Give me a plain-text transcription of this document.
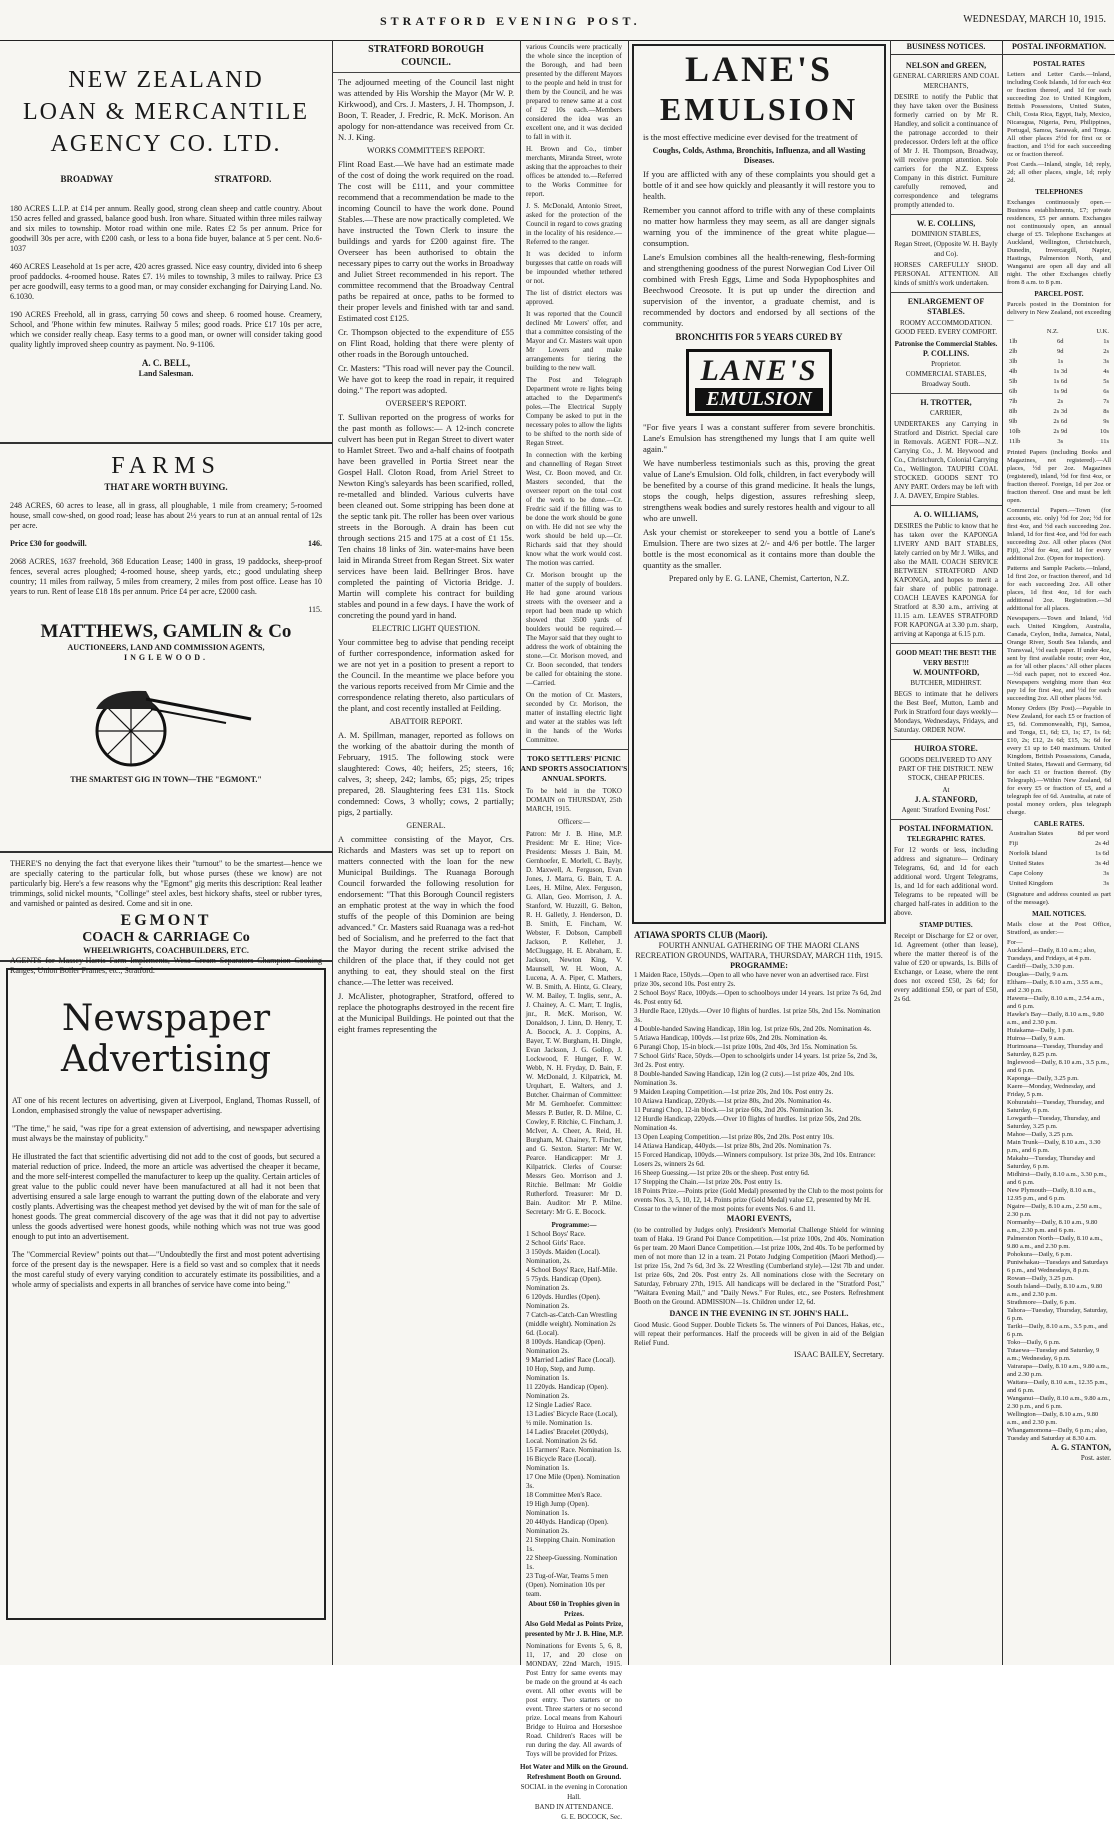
STRATFORD EVENING POST.	WEDNESDAY, MARCH 10, 1915.
NEW ZEALAND
LOAN & MERCANTILE
AGENCY CO. LTD.
BROADWAY	STRATFORD.

180 ACRES L.I.P. at £14 per annum. Really good, strong clean sheep and cattle country. About 150 acres felled and grassed, balance good bush. Iron whare. Situated within three miles railway and six miles to township. Motor road within one mile. Rates £2 5s per annum. Price for goodwill 30s per acre, with £200 cash, or less to a bona fide buyer, balance at 5 per cent. No.6-1037

460 ACRES Leasehold at 1s per acre, 420 acres grassed. Nice easy country, divided into 6 sheep proof paddocks. 4-roomed house. Rates £7. 1½ miles to township, 3 miles to railway. Price £3 per acre goodwill, easy terms to a good man, or may consider exchanging for Dairying Land. No. 6.1030.

190 ACRES Freehold, all in grass, carrying 50 cows and sheep. 6 roomed house. Creamery, School, and 'Phone within few minutes. Railway 5 miles; good roads. Price £17 10s per acre, which we consider really cheap. Easy terms to a good man, or owner will consider taking good quality lightly improved sheep country as payment. No. 9-1106.

A. C. BELL,
Land Salesman.
FARMS
THAT ARE WORTH BUYING.

248 ACRES, 60 acres to lease, all in grass, all ploughable, 1 mile from creamery; 5-roomed house, small cow-shed, on good road; lease has about 2½ years to run at an annual rental of 12s per acre.

Price £30 for goodwill.	146.

2068 ACRES, 1637 freehold, 368 Education Lease; 1400 in grass, 19 paddocks, sheep-proof fences, several acres ploughed; 4-roomed house, sheep yards, etc.; good undulating sheep country; 11 miles from railway, 5 miles from creamery, 2 miles from post office. Lease has 10 years to run. Rent of lease £18 18s per annum. Price £4 per acre, £2000 cash.

115.
MATTHEWS, GAMLIN & Co
AUCTIONEERS, LAND AND COMMISSION AGENTS,
INGLEWOOD.
THE SMARTEST GIG IN TOWN—THE "EGMONT."

THERE'S no denying the fact that everyone likes their "turnout" to be the smartest—hence we are specially catering to the particular folk, but whose purses (these we know) are not particularly big. Here's a few reasons why the "Egmont" gig merits this description: Real leather trimmings, solid nickel mounts, "Collinge" steel axles, best hickory shafts, steel or rubber tyres, and varnished or painted as desired. Come and sit in one.

EGMONT
COACH & CARRIAGE Co
WHEELWRIGHTS, COACHBUILDERS, ETC.
AGENTS for Massey-Harris Farm Implements, Wesa Cream Separators Champion Cooking Ranges, Union Boiler Frames, etc., Stratford.
Newspaper
Advertising

AT one of his recent lectures on advertising, given at Liverpool, England, Thomas Russell, of London, emphasised strongly the value of newspaper advertising.

"The time," he said, "was ripe for a great extension of advertising, and newspaper advertising must always be the mainstay of publicity."

He illustrated the fact that scientific advertising did not add to the cost of goods, but secured a material reduction of price. Indeed, the more an article was advertised the cheaper it became, and the more self-interest compelled the manufacturer to keep up the quality. Certain articles of great value to the public could never have been manufactured at all had it not been that advertising ensured a sale large enough to warrant the putting down of the elaborate and very costly plants. Advertising was the cheapest method yet devised by the wit of man for the sale of honest goods. The great commercial discovery of the age was that it did not pay to advertise unless the goods advertised were honest goods, while nothing which was not true was good enough to put into an advertisement.

The "Commercial Review" points out that—"Undoubtedly the first and most potent advertising force of the present day is the newspaper. Here is a field so vast and so complex that it needs the most careful study of every varying condition to accurately estimate its possibilities, and a whole army of specialists and experts in all branches of service have come into being."

STRATFORD BOROUGH
COUNCIL.

The adjourned meeting of the Council last night was attended by His Worship the Mayor (Mr W. P. Kirkwood), and Crs. J. Masters, J. H. Thompson, J. Boon, T. Reader, J. Fredric, R. McK. Morison. An apology for non-attendance was received from Cr. N. J. King.

WORKS COMMITTEE'S REPORT.

Flint Road East.—We have had an estimate made of the cost of doing the work required on the road. The cost will be £111, and your committee recommend that a recommendation be made to the incoming Council to have the work done. Pound Stables.—These are now practically completed. We have instructed the Town Clerk to insure the buildings and yards for £200 against fire. The Overseer has been authorised to obtain the necessary pipes to carry out the works in Broadway and Juliet Street recommended in his report. The committee recommend that the Broadway Central paths be repaired at once, paths to be formed to their proper levels and finished with tar and sand. Estimated cost £125.

Cr. Thompson objected to the expenditure of £55 on Flint Road, holding that there were plenty of other roads in the Borough untouched.

Cr. Masters: "This road will never pay the Council. We have got to keep the road in repair, it required doing." The report was adopted.

OVERSEER'S REPORT.

T. Sullivan reported on the progress of works for the past month as follows:— A 12-inch concrete culvert has been put in Regan Street to divert water to Hamlet Street. Two and a-half chains of footpath have been gravelled in Portia Street near the Gospel Hall. Cloton Road, from Ariel Street to Newton King's saleyards has been scarified, rolled, re-metalled and blinded. Various culverts have been cleaned out. Some stripping has been done at the septic tank pit. The roller has been over various streets in the Borough. A drain has been cut through sections 215 and 175 at a cost of £1 15s. Ten chains 18 links of 3in. water-mains have been laid in Miranda Street from Regan Street. Six water services have been laid. Bellringer Bros. have completed the painting of Victoria Bridge. J. Martin will complete his contract for building stables and pound in a few days. I have the work of concreting the pound yard in hand.

ELECTRIC LIGHT QUESTION.

Your committee beg to advise that pending receipt of further correspondence, information asked for we are not yet in a position to present a report to the Council. In the meantime we place before you the various reports received from Mr Cimie and the correspondence relating thereto, also particulars of the plant, and cost recently installed at Feilding.

ABATTOIR REPORT.

A. M. Spillman, manager, reported as follows on the working of the abattoir during the month of February, 1915. The following stock were slaughtered: Cows, 40; heifers, 25; steers, 16; calves, 3; sheep, 242; lambs, 65; pigs, 25; tripes prepared, 28. Slaughtering fees £31 11s. Stock condemned: Cows, 3 wholly; cows, 2 partially; pigs, 2 partially.

GENERAL.

A committee consisting of the Mayor, Crs. Richards and Masters was set up to report on matters connected with the loan for the new Municipal Buildings. The Ruanaga Borough Council forwarded the following resolution for endorsement: "That this Borough Council registers an emphatic protest at the way in which the food stuffs of the people of this Dominion are being advanced." Cr. Masters said Ruanaga was a red-hot bed of Socialism, and he preferred to the fact that the Mayor during the recent strike advised the children of the place that, if they could not get anything to eat, they should steal on the first chance.—The letter was received.

J. McAlister, photographer, Stratford, offered to replace the photographs destroyed in the recent fire at the Municipal Buildings. He pointed out that the eight frames representing the

various Councils were practically the whole since the inception of the Borough, and had been presented by the different Mayors to the people and held in trust for them by the Council, and he was prepared to renew same at a cost of £2 10s each.—Members considered the idea was an excellent one, and it was decided to fall in with it.

H. Brown and Co., timber merchants, Miranda Street, wrote asking that the approaches to their offices be attended to.—Referred to the Works Committee for report.

J. S. McDonald, Antonio Street, asked for the protection of the Council in regard to cows grazing in the locality of his residence.—Referred to the ranger.

It was decided to inform burgesses that cattle on roads will be impounded whether tethered or not.

The list of district electors was approved.

It was reported that the Council declined Mr Lowers' offer, and that a committee consisting of the Mayor and Cr. Masters wait upon Mr Lowers and make arrangements for tiering the building to the new wall.

The Post and Telegraph Department wrote re lights being attached to the Department's poles.—The Electrical Supply Company be asked to put in the necessary poles to allow the lights to be shifted to the north side of Regan Street.

In connection with the kerbing and channelling of Regan Street West, Cr. Boon moved, and Cr. Masters seconded, that the overseer report on the total cost of the work to be done.—Cr. Fredric said if the filling was to be done the work should be gone on with. He did not see why the work should be held up.—Cr. Richards said that they should know what the work would cost. The motion was carried.

Cr. Morison brought up the matter of the supply of boulders. He had gone around various streets with the overseer and a report had been made up which showed that 3500 yards of boulders would be required.—The Mayor said that they ought to address the work of obtaining the stone.—Cr. Morison moved, and Cr. Boon seconded, that tenders be called for obtaining the stone.—Carried.

On the motion of Cr. Masters, seconded by Cr. Morison, the matter of installing electric light and water at the stables was left in the hands of the Works Committee.

TOKO SETTLERS' PICNIC AND SPORTS ASSOCIATION'S ANNUAL SPORTS.

To be held in the TOKO DOMAIN on THURSDAY, 25th MARCH, 1915.

Officers:—

Patron: Mr J. B. Hine, M.P. President: Mr E. Hine; Vice-Presidents: Messrs J. Bain, M. Gernhoefer, E. Morlell, C. Bayly, D. Maxwell, A. Ferguson, Evan Jones, J. Marra, G. Bain, T. A. Lees, H. Milne, Alex. Ferguson, G. Allan, Geo. Morrison, J. A. Stanford, W. Huzzill, G. Belton, R. H. Galletly, J. Henderson, D. B. Smith, E. Fincham, W. Webster, F. Dobson, Campbell Jackson, P. Kelleher, J. McCluggage, H. E. Abraham, E. Jackson, Newton King, V. Maunsell, W. H. Woon, A. Lucena, A. A. Piper, C. Mathers, W. B. Smith, A. Hintz, G. Cleary, W. M. Bailey, T. Inglis, senr., A. J. Chainey, A. C. Marr, T. Inglis, jnr., R. McK. Morison, W. Donaldson, J. Linn, D. Henry, T. A. Bocock, A. J. Coppins, A. Bayer, T. W. Burgham, H. Dingle, Evan Jackson, J. G. Gollop, J. Lockwood, F. Hunger, F. W. Webb, N. H. Fryday, D. Bain, F. W. McDonald, J. Kilpatrick, M. Urquhart, E. Walters, and J. Butcher. Chairman of Committee: Mr M. Gernhoefer. Committee: Messrs P. Butler, R. D. Milne, C. Cowley, F. Ritchie, C. Fincham, J. McIver, A. Cheer, A. Reid, H. Burgham, M. Chainey, T. Fincher, and G. Sexton. Starter: Mr W. Pearce. Handicapper: Mr J. Kilpatrick. Clerks of Course: Messrs Geo. Morrison and J. Ritchie. Bellman: Mr Goldie Rutherford. Treasurer: Mr D. Bain. Auditor: Mr P. Milne. Secretary: Mr G. E. Bocock.

Programme:—
1 School Boys' Race.
2 School Girls' Race.
3 150yds. Maiden (Local). Nomination, 2s.
4 School Boys' Race, Half-Mile.
5 75yds. Handicap (Open). Nomination 2s.
6 120yds. Hurdles (Open). Nomination 2s.
7 Catch-as-Catch-Can Wrestling (middle weight). Nomination 2s 6d. (Local).
8 100yds. Handicap (Open). Nomination 2s.
9 Married Ladies' Race (Local).
10 Hop, Step, and Jump. Nomination 1s.
11 220yds. Handicap (Open). Nomination 2s.
12 Single Ladies' Race.
13 Ladies' Bicycle Race (Local), ½ mile. Nomination 1s.
14 Ladies' Bracelet (200yds), Local. Nomination 2s 6d.
15 Farmers' Race. Nomination 1s.
16 Bicycle Race (Local). Nomination 1s.
17 One Mile (Open). Nomination 3s.
18 Committee Men's Race.
19 High Jump (Open). Nomination 1s.
20 440yds. Handicap (Open). Nomination 2s.
21 Stepping Chain. Nomination 1s.
22 Sheep-Guessing. Nomination 1s.
23 Tug-of-War, Teams 5 men (Open). Nomination 10s per team.
About £60 in Trophies given in Prizes.
Also Gold Medal as Points Prize, presented by Mr J. B. Hine, M.P.

Nominations for Events 5, 6, 8, 11, 17, and 20 close on MONDAY, 22nd March, 1915. Post Entry for same events may be made on the ground at 4s each event. All other events will be post entry. Two starters or no event. Three starters or no second prize. Local means from Kahouri Bridge to Huiroa and Horseshoe Road. Children's Races will be run during the day. All awards of Toys will be provided for Prizes.

Hot Water and Milk on the Ground. Refreshment Booth on Ground.
SOCIAL in the evening in Coronation Hall.
BAND IN ATTENDANCE.
G. E. BOCOCK, Sec.
LANE'S
EMULSION

is the most effective medicine ever devised for the treatment of

Coughs, Colds, Asthma, Bronchitis, Influenza, and all Wasting Diseases.

If you are afflicted with any of these complaints you should get a bottle of it and see how quickly and pleasantly it will restore you to health.

Remember you cannot afford to trifle with any of these complaints no matter how harmless they may seem, as all are danger signals warning you of the imminence of the great white plague—consumption.

Lane's Emulsion combines all the health-renewing, flesh-forming and strengthening goodness of the purest Norwegian Cod Liver Oil combined with Fresh Eggs, Lime and Soda Hypophosphites and Beechwood Creosote. It is put up under the direction and supervision of the inventor, a graduate chemist, and is recommended by doctors and endorsed by all sections of the community.

BRONCHITIS FOR 5 YEARS CURED BY
LANE'S
EMULSION

"For five years I was a constant sufferer from severe bronchitis. Lane's Emulsion has strengthened my lungs that I am quite well again."

We have numberless testimonials such as this, proving the great value of Lane's Emulsion. Old folk, children, in fact everybody will be benefited by a course of this grand medicine. It heals the lungs, stops the cough, helps digestion, assures refreshing sleep, strengthens weak bodies and surely restores health and vigour to all who are unwell.

Ask your chemist or storekeeper to send you a bottle of Lane's Emulsion. There are two sizes at 2/- and 4/6 per bottle. The larger bottle is the most economical as it contains more than double the quantity as the smaller.

Prepared only by E. G. LANE, Chemist, Carterton, N.Z.
ATIAWA SPORTS CLUB (Maori).
FOURTH ANNUAL GATHERING OF THE MAORI CLANS RECREATION GROUNDS, WAITARA, THURSDAY, MARCH 11th, 1915.
PROGRAMME:
1 Maiden Race, 150yds.—Open to all who have never won an advertised race. First prize 30s, second 10s. Post entry 2s.
2 School Boys' Race, 100yds.—Open to schoolboys under 14 years. 1st prize 7s 6d, 2nd 4s. Post entry 6d.
3 Hurdle Race, 120yds.—Over 10 flights of hurdles. 1st prize 50s, 2nd 15s. Nomination 3s.
4 Double-handed Sawing Handicap, 18in log. 1st prize 60s, 2nd 20s. Nomination 4s.
5 Atiawa Handicap, 100yds.—1st prize 60s, 2nd 20s. Nomination 4s.
6 Purangi Chop, 15-in block.—1st prize 100s, 2nd 40s, 3rd 15s. Nomination 5s.
7 School Girls' Race, 50yds.—Open to schoolgirls under 14 years. 1st prize 5s, 2nd 3s, 3rd 2s. Post entry.
8 Double-handed Sawing Handicap, 12in log (2 cuts).—1st prize 40s, 2nd 10s. Nomination 3s.
9 Maiden Leaping Competition.—1st prize 20s, 2nd 10s. Post entry 2s.
10 Atiawa Handicap, 220yds.—1st prize 80s, 2nd 20s. Nomination 4s.
11 Purangi Chop, 12-in block.—1st prize 60s, 2nd 20s. Nomination 3s.
12 Hurdle Handicap, 220yds.—Over 10 flights of hurdles. 1st prize 50s, 2nd 20s. Nomination 4s.
13 Open Leaping Competition.—1st prize 80s, 2nd 20s. Post entry 10s.
14 Atiawa Handicap, 440yds.—1st prize 80s, 2nd 20s. Nomination 7s.
15 Forced Handicap, 100yds.—Winners compulsory. 1st prize 30s, 2nd 10s. Entrance: Losers 2s, winners 2s 6d.
16 Sheep Guessing.—1st prize 20s or the sheep. Post entry 6d.
17 Stepping the Chain.—1st prize 20s. Post entry 1s.
18 Points Prize.—Points prize (Gold Medal) presented by the Club to the most points for events Nos. 3, 5, 10, 12, 14. Points prize (Gold Medal) value £2, presented by Mr H. Cossar to the winner of the most points for events Nos. 6 and 11.
MAORI EVENTS,

(to be controlled by Judges only). President's Memorial Challenge Shield for winning team of Haka. 19 Grand Poi Dance Competition.—1st prize 100s, 2nd 40s. Nomination 6s per team. 20 Maori Dance Competition.—1st prize 100s, 2nd 40s. To be performed by men of not more than 12 in a team. 21 Potato Judging Competition (Maori Method).—1st prize 15s, 2nd 7s 6d, 3rd 3s. 22 Wrestling (Cumberland style).—12st 7lb and under. 1st prize 60s, 2nd 20s. Post entry 2s. All nominations close with the Secretary on Saturday, February 27th, 1915. All handicaps will be declared in the "Stratford Post," "Waitara Evening Mail," and "Daily News." For Rules, etc., see Posters. Refreshment Booth on the Ground. ADMISSION—1s. Children under 12, 6d.

DANCE IN THE EVENING IN ST. JOHN'S HALL.

Good Music. Good Supper. Double Tickets 5s. The winners of Poi Dances, Hakas, etc., will repeat their performances. Half the proceeds will be given in aid of the Belgian Relief Fund.

ISAAC BAILEY, Secretary.
BUSINESS NOTICES.
NELSON and GREEN,
GENERAL CARRIERS AND COAL MERCHANTS,

DESIRE to notify the Public that they have taken over the Business formerly carried on by Mr R. Handley, and solicit a continuance of the patronage accorded to their predecessor. Orders left at the office of Mr J. H. Thompson, Broadway, will receive prompt attention. Sole carriers for the N.Z. Express Company in this district. Furniture carefully removed, and correspondence and telegrams promptly attended to.

W. E. COLLINS,
DOMINION STABLES,
Regan Street, (Opposite W. H. Bayly and Co).

HORSES CAREFULLY SHOD. PERSONAL ATTENTION. All kinds of smith's work undertaken.

ENLARGEMENT OF STABLES.

ROOMY ACCOMMODATION. GOOD FEED. EVERY COMFORT.

Patronise the Commercial Stables.
P. COLLINS.
Proprietor.
COMMERCIAL STABLES,
Broadway South.
H. TROTTER,
CARRIER,

UNDERTAKES any Carrying in Stratford and District. Special care in Removals. AGENT FOR—N.Z. Carrying Co., J. M. Heywood and Co., Christchurch, Colonial Carrying Co., Wellington. TAUPIRI COAL STOCKED. GOODS SENT TO ANY PART. Orders may be left with J. A. DAVEY, Empire Stables.

A. O. WILLIAMS,

DESIRES the Public to know that he has taken over the KAPONGA LIVERY AND BAIT STABLES, lately carried on by Mr J. Wilks, and also the MAIL COACH SERVICE BETWEEN STRATFORD AND KAPONGA, and hopes to merit a fair share of public patronage. COACH LEAVES KAPONGA for Stratford at 8.30 a.m., arriving at 11.15 a.m. LEAVES STRATFORD FOR KAPONGA at 3.30 p.m. sharp, arriving at Kaponga at 6.15 p.m.

GOOD MEAT! THE BEST! THE VERY BEST!!!
W. MOUNTFORD,
BUTCHER, MIDHIRST.

BEGS to intimate that he delivers the Best Beef, Mutton, Lamb and Pork in Stratford four days weekly—Mondays, Wednesdays, Fridays, and Saturday. ORDER NOW.

HUIROA STORE.

GOODS DELIVERED TO ANY PART OF THE DISTRICT. NEW STOCK, CHEAP PRICES.

At
J. A. STANFORD,
Agent: 'Stratford Evening Post.'
POSTAL INFORMATION.
TELEGRAPHIC RATES.

For 12 words or less, including address and signature— Ordinary Telegrams, 6d, and 1d for each additional word. Urgent Telegrams, 1s, and 1d for each additional word. Telegrams to be repeated will be charged half-rates in addition to the above.

STAMP DUTIES.

Receipt or Discharge for £2 or over, 1d. Agreement (other than lease), where the matter thereof is of the value of £20 or upwards, 1s. Bills of Exchange, or Lease, where the rent does not exceed £50, 2s 6d; for every additional £50, or part of £50, 2s 6d.

POSTAL INFORMATION.
POSTAL RATES

Letters and Letter Cards.—Inland, including Cook Islands, 1d for each 4oz or fraction thereof, and 1d for each succeeding 2oz to United Kingdom, British Possessions, United States, Chili, Costa Rica, Egypt, Italy, Mexico, Nicaragua, Nigeria, Peru, Philippines, Portugal, Samoa, Sarawak, and Tonga. All other places 2½d for first oz or fraction, and 1½d for each succeeding oz or fraction thereof.

Post Cards.—Inland, single, 1d; reply, 2d; all other places, single, 1d; reply 2d.

TELEPHONES

Exchanges continuously open.—Business establishments, £7; private residences, £5 per annum. Exchanges not continuously open, an annual charge of £5. Telephone Exchanges at Auckland, Wellington, Christchurch, Dunedin, Invercargill, Napier, Hastings, Palmerston North, and Wanganui are open all day and all night. The other Exchanges chiefly from 8 a.m. to 8 p.m.

PARCEL POST.

Parcels posted in the Dominion for delivery in New Zealand, not exceeding—

N.Z.	U.K.
1lb	6d	1s
2lb	9d	2s
3lb	1s	3s
4lb	1s 3d	4s
5lb	1s 6d	5s
6lb	1s 9d	6s
7lb	2s	7s
8lb	2s 3d	8s
9lb	2s 6d	9s
10lb	2s 9d	10s
11lb	3s	11s

Printed Papers (including Books and Magazines, not registered).—All places, ½d per 2oz. Magazines (registered), inland, ½d for first 4oz, or fraction thereof. Foreign, 1d per 2oz or fraction thereof. One and must be left open.

Commercial Papers.—Town (for accounts, etc. only) ½d for 2oz; ½d for first 4oz, and ½d each succeeding 2oz. Inland, 1d for first 4oz, and ½d for each succeeding 2oz. All other places (Not Fiji), 2½d for 4oz, and 1d for every additional 2oz. (Open for inspection).

Patterns and Sample Packets.—Inland, 1d first 2oz, or fraction thereof, and 1d for each succeeding 2oz. All other places, 1d first 4oz, 1d for each additional 2oz. Registration.—3d additional for all places.

Newspapers.—Town and Inland, ½d each. United Kingdom, Australia, Canada, Ceylon, India, Jamaica, Natal, Orange River, South Sea Islands, and Transvaal, ½d each paper. If under 4oz, sent by first available route; over 4oz, as for 'all other places.' All other places—½d each paper, not to exceed 4oz. Newspapers weighing more than 4oz pay 1d for first 4oz, and ½d for each succeeding 2oz. All other places ½d.

Money Orders (By Post).—Payable in New Zealand, for each £5 or fraction of £5, 6d. Commonwealth, Fiji, Samoa, and Tonga, £1, 6d; £3, 1s; £7, 1s 6d; £10, 2s; £12, 2s 6d; £15, 3s; 6d for every £1 up to £40 maximum. United Kingdom, British Possessions, Canada, United States, Hawaii and Germany, 6d for each £1 or fraction thereof. (By Telegraph).—Within New Zealand, 6d for every £5 or fraction of £5, and a telegraph fee of 6d. Australia, at rate of postal money orders, plus telegraph charge.

CABLE RATES.
Australian States	8d per word
Fiji	2s 4d
Norfolk Island	1s 6d
United States	3s 4d
Cape Colony	3s
United Kingdom	3s
(Signature and address counted as part of the message).
MAIL NOTICES.
Mails close at the Post Office, Stratford, as under:—
For—
Auckland—Daily, 8.10 a.m.; also, Tuesdays, and Fridays, at 4 p.m.
Cardiff—Daily, 3.30 p.m.
Douglas—Daily, 9 a.m.
Eltham—Daily, 8.10 a.m., 3.55 a.m., and 2.30 p.m.
Hawera—Daily, 8.10 a.m., 2.54 a.m., and 6 p.m.
Hawke's Bay—Daily, 8.10 a.m., 9.80 a.m., and 2.30 p.m.
Huiakama—Daily, 1 p.m.
Huiroa—Daily, 9 a.m.
Hurimoana—Tuesday, Thursday and Saturday, 8.25 p.m.
Inglewood—Daily, 8.10 a.m., 3.5 p.m., and 6 p.m.
Kaponga—Daily, 3.25 p.m.
Kaere—Monday, Wednesday, and Friday, 5 p.m.
Kohuratahi—Tuesday, Thursday, and Saturday, 6 p.m.
Lowgarth—Tuesday, Thursday, and Saturday, 3.25 p.m.
Mahoe—Daily, 3.25 p.m.
Main Trunk—Daily, 8.10 a.m., 3.30 p.m., and 6 p.m.
Makahu—Tuesday, Thursday and Saturday, 6 p.m.
Midhirst—Daily, 8.10 a.m., 3.30 p.m., and 6 p.m.
New Plymouth—Daily, 8.10 a.m., 12.95 p.m., and 6 p.m.
Ngaire—Daily, 8.10 a.m., 2.50 a.m., 2.30 p.m.
Normanby—Daily, 8.10 a.m., 9.80 a.m., 2.30 p.m. and 6 p.m.
Palmerston North—Daily, 8.10 a.m., 9.80 a.m., and 2.30 p.m.
Pohokura—Daily, 6 p.m.
Puniwhakau—Tuesdays and Saturdays 6 p.m., and Wednesdays, 8 p.m.
Rowan—Daily, 3.25 p.m.
South Island—Daily, 8.10 a.m., 9.80 a.m., and 2.30 p.m.
Strathmore—Daily, 6 p.m.
Tahora—Tuesday, Thursday, Saturday, 6 p.m.
Tariki—Daily, 8.10 a.m., 3.5 p.m., and 6 p.m.
Toko—Daily, 6 p.m.
Tutaewa—Tuesday and Saturday, 9 a.m.; Wednesday, 6 p.m.
Vairarapa—Daily, 8.10 a.m., 9.80 a.m., and 2.30 p.m.
Waitara—Daily, 8.10 a.m., 12.35 p.m., and 6 p.m.
Wanganui—Daily, 8.10 a.m., 9.80 a.m., 2.30 p.m., and 6 p.m.
Wellington—Daily, 8.10 a.m., 9.80 a.m., and 2.30 p.m.
Whangamomona—Daily, 6 p.m.; also, Tuesday and Saturday at 8.30 a.m.
A. G. STANTON,
Post. aster.
